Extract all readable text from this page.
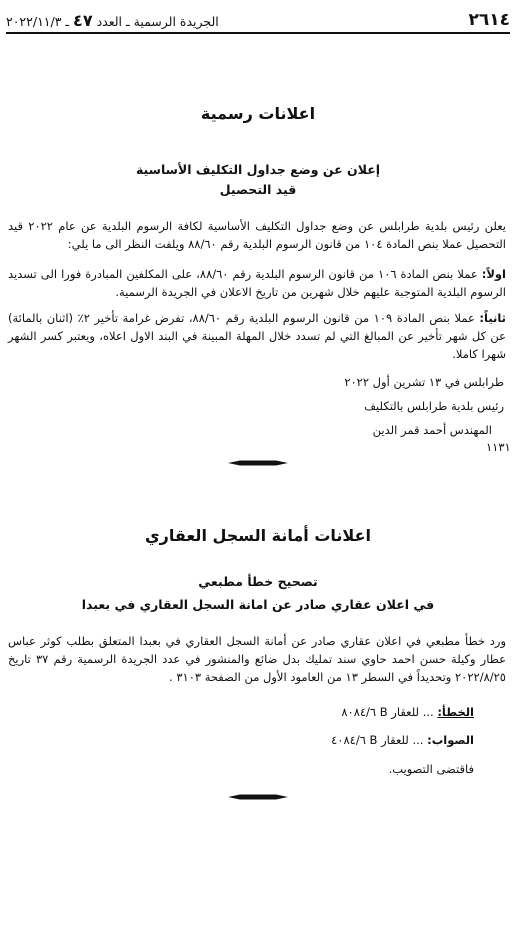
الجريدة الرسمية ـ العدد ٤٧ ـ ٢٠٢٢/١١/٣	٢٦١٤
اعلانات رسمية
إعلان عن وضع جداول التكليف الأساسية
قيد التحصيل
يعلن رئيس بلدية طرابلس عن وضع جداول التكليف الأساسية لكافة الرسوم البلدية عن عام ٢٠٢٢ قيد التحصيل عملا بنص المادة ١٠٤ من قانون الرسوم البلدية رقم ٨٨/٦٠ ويلفت النظر الى ما يلي:
اولاً: عملا بنص المادة ١٠٦ من قانون الرسوم البلدية رقم ٨٨/٦٠، على المكلفين المبادرة فورا الى تسديد الرسوم البلدية المتوجبة عليهم خلال شهرين من تاريخ الاعلان في الجريدة الرسمية.
ثانياً: عملا بنص المادة ١٠٩ من قانون الرسوم البلدية رقم ٨٨/٦٠، تفرض غرامة تأخير ٢٪ (اثنان بالمائة) عن كل شهر تأخير عن المبالغ التي لم تسدد خلال المهلة المبينة في البند الاول اعلاه، ويعتبر كسر الشهر شهرا كاملا.
طرابلس في ١٣ تشرين أول ٢٠٢٢
رئيس بلدية طرابلس بالتكليف
المهندس أحمد قمر الدين
١١٣١
اعلانات أمانة السجل العقاري
تصحيح خطأ مطبعي
في اعلان عقاري صادر عن امانة السجل العقاري في بعبدا
ورد خطأ مطبعي في اعلان عقاري صادر عن أمانة السجل العقاري في بعبدا المتعلق بطلب كوثر عباس عطار وكيلة حسن احمد حاوي سند تمليك بدل ضائع والمنشور في عدد الجريدة الرسمية رقم ٣٧ تاريخ ٢٠٢٢/٨/٢٥ وتحديداً في السطر ١٣ من العامود الأول من الصفحة ٣١٠٣ .
الخطأ: ... للعقار B ٨٠٨٤/٦
الصواب: ... للعقار B ٤٠٨٤/٦
فاقتضى التصويب.
